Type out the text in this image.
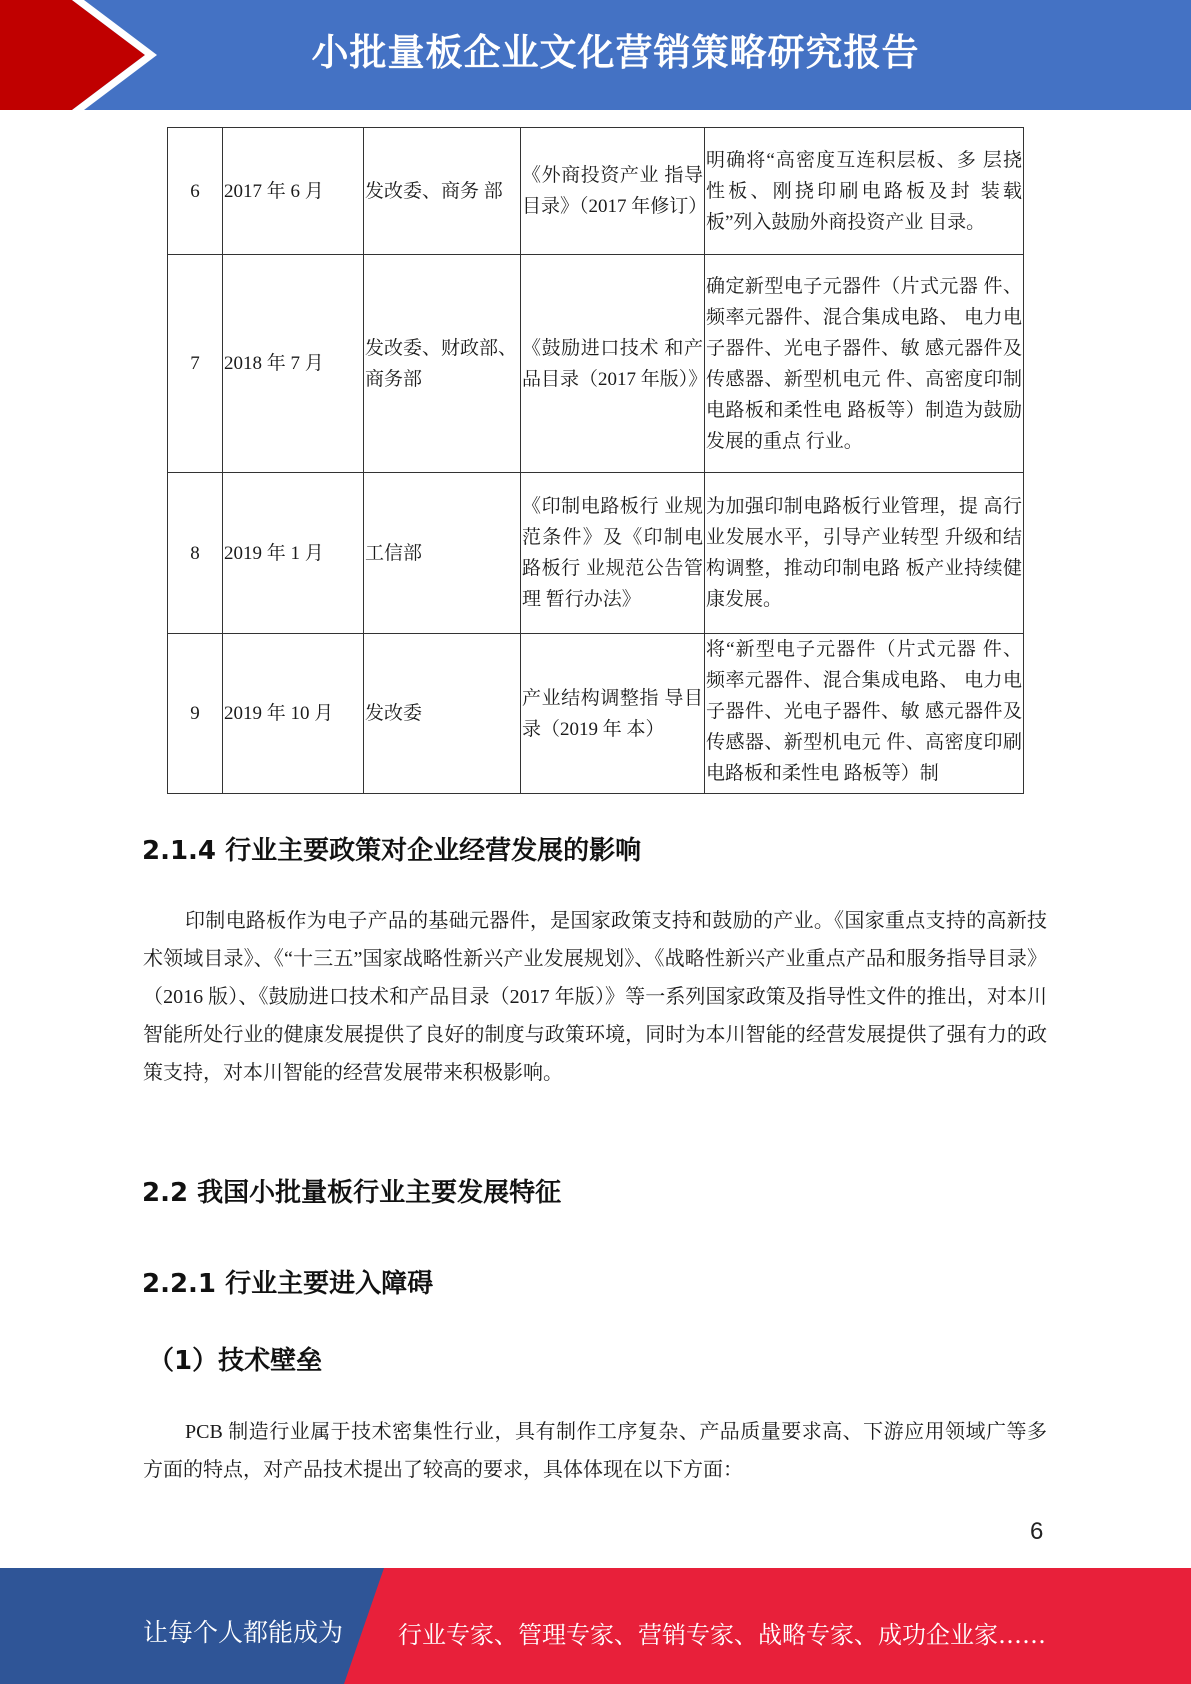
小批量板企业文化营销策略研究报告
6	2017 年 6 月	发改委、商务 部	《外商投资产业 指导目录》（2017 年修订）	明确将“高密度互连积层板、多 层挠性板、刚挠印刷电路板及封 装载板”列入鼓励外商投资产业 目录。
7	2018 年 7 月	发改委、财政部、商务部	《鼓励进口技术 和产品目录（2017 年版）》	确定新型电子元器件（片式元器 件、频率元器件、混合集成电路、 电力电子器件、光电子器件、敏 感元器件及传感器、新型机电元 件、高密度印制电路板和柔性电 路板等）制造为鼓励发展的重点 行业。
8	2019 年 1 月	工信部	《印制电路板行 业规范条件》及《印制电路板行 业规范公告管理 暂行办法》	为加强印制电路板行业管理，提 高行业发展水平，引导产业转型 升级和结构调整，推动印制电路 板产业持续健康发展。
9	2019 年 10 月	发改委	产业结构调整指 导目录（2019 年 本）	将“新型电子元器件（片式元器 件、频率元器件、混合集成电路、 电力电子器件、光电子器件、敏 感元器件及传感器、新型机电元 件、高密度印刷电路板和柔性电 路板等）制
2.1.4 行业主要政策对企业经营发展的影响
印制电路板作为电子产品的基础元器件，是国家政策支持和鼓励的产业。《国家重点支持的高新技术领域目录》、《“十三五”国家战略性新兴产业发展规划》、《战略性新兴产业重点产品和服务指导目录》（2016 版）、《鼓励进口技术和产品目录（2017 年版）》等一系列国家政策及指导性文件的推出，对本川智能所处行业的健康发展提供了良好的制度与政策环境，同时为本川智能的经营发展提供了强有力的政策支持，对本川智能的经营发展带来积极影响。
2.2 我国小批量板行业主要发展特征
2.2.1 行业主要进入障碍
（1）技术壁垒
PCB 制造行业属于技术密集性行业，具有制作工序复杂、产品质量要求高、下游应用领域广等多方面的特点，对产品技术提出了较高的要求，具体体现在以下方面：
6
让每个人都能成为 行业专家、管理专家、营销专家、战略专家、成功企业家……
